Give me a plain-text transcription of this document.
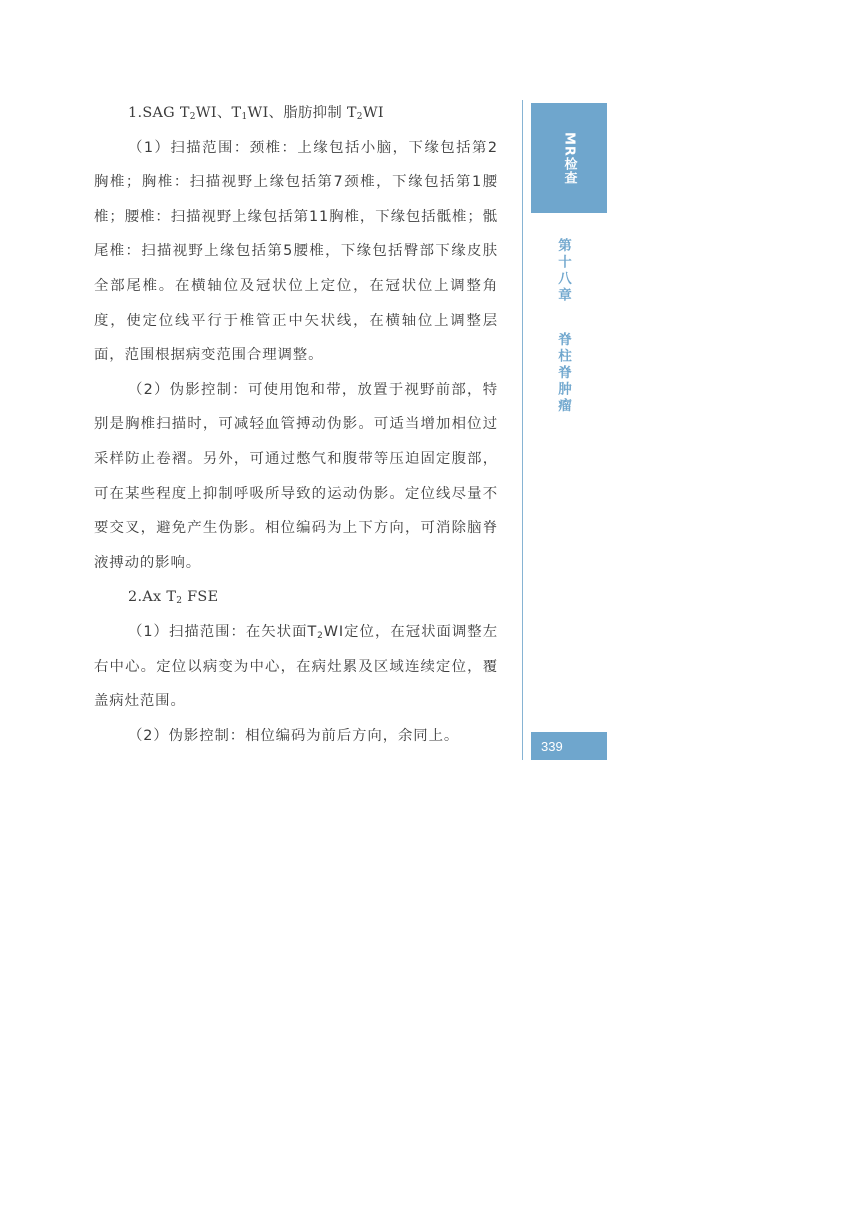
1.SAG $T_2WI$、$T_1WI$、脂肪抑制 $T_2WI$

（1）扫描范围：颈椎：上缘包括小脑，下缘包括第2胸椎；胸椎：扫描视野上缘包括第7颈椎，下缘包括第1腰椎；腰椎：扫描视野上缘包括第11胸椎，下缘包括骶椎；骶尾椎：扫描视野上缘包括第5腰椎，下缘包括臀部下缘皮肤全部尾椎。在横轴位及冠状位上定位，在冠状位上调整角度，使定位线平行于椎管正中矢状线，在横轴位上调整层面，范围根据病变范围合理调整。

（2）伪影控制：可使用饱和带，放置于视野前部，特别是胸椎扫描时，可减轻血管搏动伪影。可适当增加相位过采样防止卷褶。另外，可通过憋气和腹带等压迫固定腹部，可在某些程度上抑制呼吸所导致的运动伪影。定位线尽量不要交叉，避免产生伪影。相位编码为上下方向，可消除脑脊液搏动的影响。

2.Ax $T_2$ FSE

（1）扫描范围：在矢状面$T_2WI$定位，在冠状面调整左右中心。定位以病变为中心，在病灶累及区域连续定位，覆盖病灶范围。

（2）伪影控制：相位编码为前后方向，余同上。

MR检查
第十八章 脊柱脊肿瘤
339
